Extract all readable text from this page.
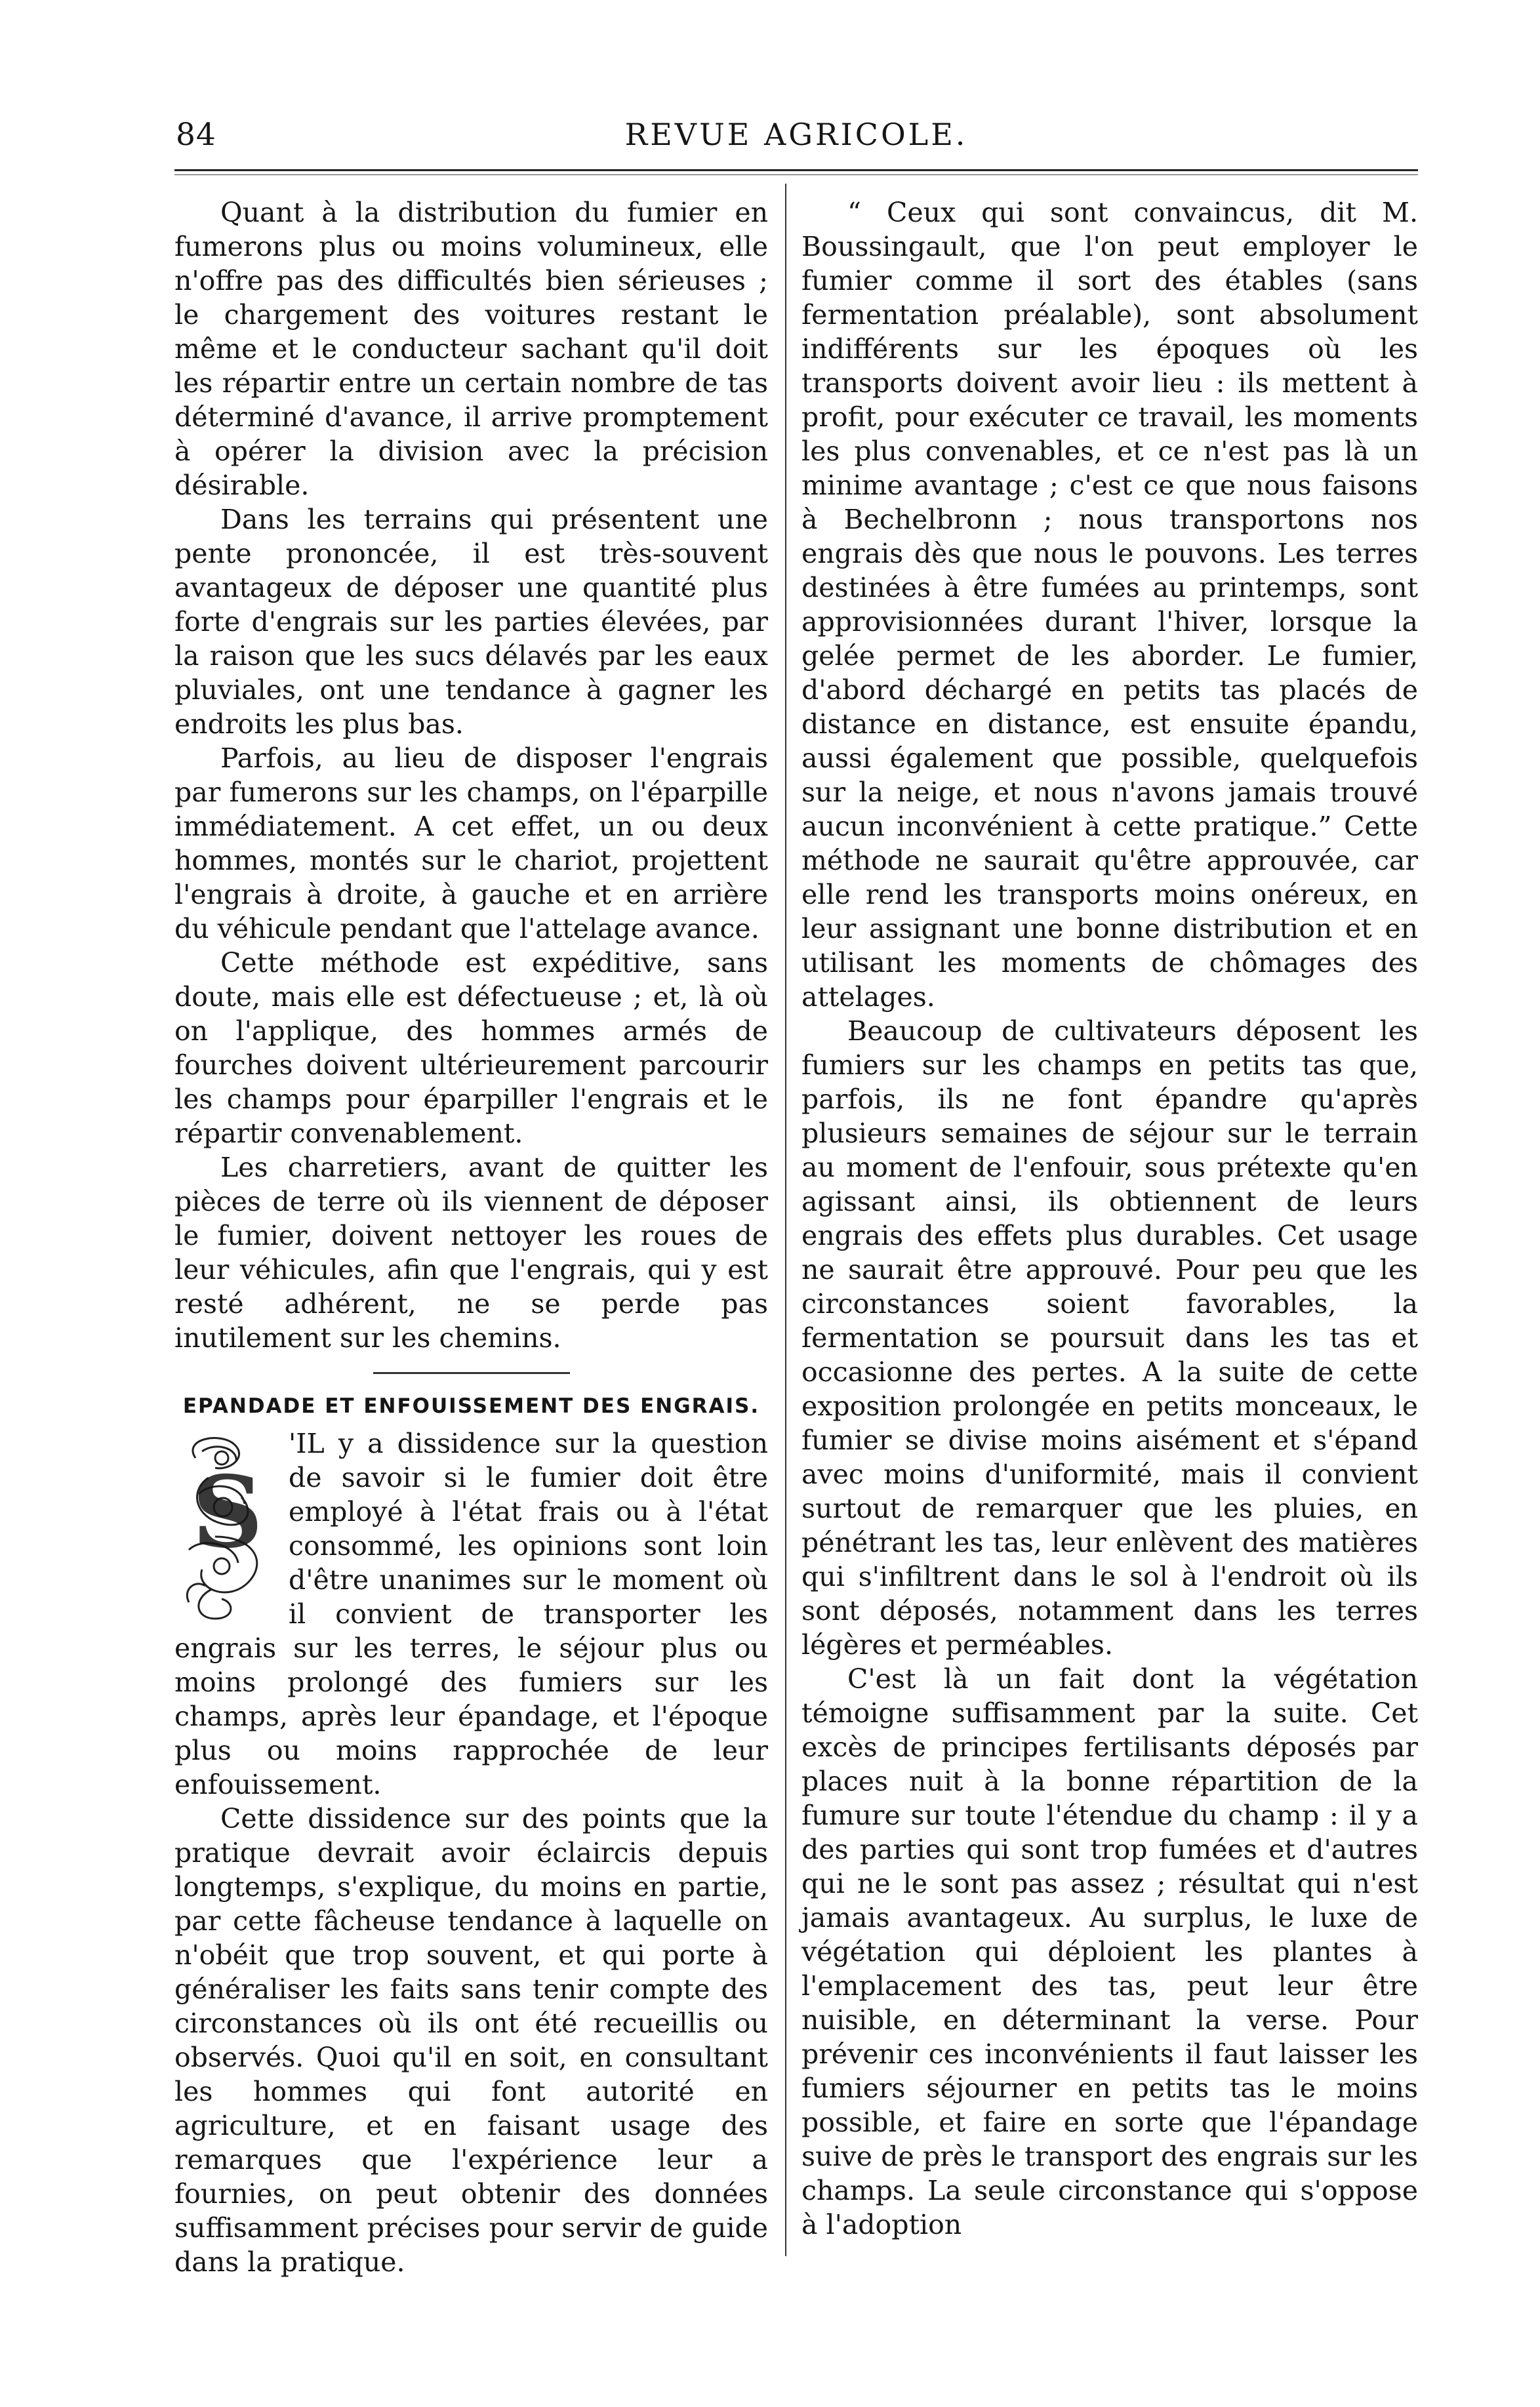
84	REVUE AGRICOLE.

Quant à la distribution du fumier en fumerons plus ou moins volumineux, elle n'offre pas des difficultés bien sérieuses ; le chargement des voitures restant le même et le conducteur sachant qu'il doit les répartir entre un certain nombre de tas déterminé d'avance, il arrive promptement à opérer la division avec la précision désirable.

Dans les terrains qui présentent une pente prononcée, il est très-souvent avantageux de déposer une quantité plus forte d'engrais sur les parties élevées, par la raison que les sucs délavés par les eaux pluviales, ont une tendance à gagner les endroits les plus bas.

Parfois, au lieu de disposer l'engrais par fumerons sur les champs, on l'éparpille immédiatement. A cet effet, un ou deux hommes, montés sur le chariot, projettent l'engrais à droite, à gauche et en arrière du véhicule pendant que l'attelage avance.

Cette méthode est expéditive, sans doute, mais elle est défectueuse ; et, là où on l'applique, des hommes armés de fourches doivent ultérieurement parcourir les champs pour éparpiller l'engrais et le répartir convenablement.

Les charretiers, avant de quitter les pièces de terre où ils viennent de déposer le fumier, doivent nettoyer les roues de leur véhicules, afin que l'engrais, qui y est resté adhérent, ne se perde pas inutilement sur les chemins.

EPANDADE ET ENFOUISSEMENT DES ENGRAIS.

S
'IL y a dissidence sur la question de savoir si le fumier doit être employé à l'état frais ou à l'état consommé, les opinions sont loin d'être unanimes sur le moment où il convient de transporter les engrais sur les terres, le séjour plus ou moins prolongé des fumiers sur les champs, après leur épandage, et l'époque plus ou moins rapprochée de leur enfouissement.

Cette dissidence sur des points que la pratique devrait avoir éclaircis depuis longtemps, s'explique, du moins en partie, par cette fâcheuse tendance à laquelle on n'obéit que trop souvent, et qui porte à généraliser les faits sans tenir compte des circonstances où ils ont été recueillis ou observés. Quoi qu'il en soit, en consultant les hommes qui font autorité en agriculture, et en faisant usage des remarques que l'expérience leur a fournies, on peut obtenir des données suffisamment précises pour servir de guide dans la pratique.

“ Ceux qui sont convaincus, dit M. Boussingault, que l'on peut employer le fumier comme il sort des étables (sans fermentation préalable), sont absolument indifférents sur les époques où les transports doivent avoir lieu : ils mettent à profit, pour exécuter ce travail, les moments les plus convenables, et ce n'est pas là un minime avantage ; c'est ce que nous faisons à Bechelbronn ; nous transportons nos engrais dès que nous le pouvons. Les terres destinées à être fumées au printemps, sont approvisionnées durant l'hiver, lorsque la gelée permet de les aborder. Le fumier, d'abord déchargé en petits tas placés de distance en distance, est ensuite épandu, aussi également que possible, quelquefois sur la neige, et nous n'avons jamais trouvé aucun inconvénient à cette pratique.” Cette méthode ne saurait qu'être approuvée, car elle rend les transports moins onéreux, en leur assignant une bonne distribution et en utilisant les moments de chômages des attelages.

Beaucoup de cultivateurs déposent les fumiers sur les champs en petits tas que, parfois, ils ne font épandre qu'après plusieurs semaines de séjour sur le terrain au moment de l'enfouir, sous prétexte qu'en agissant ainsi, ils obtiennent de leurs engrais des effets plus durables. Cet usage ne saurait être approuvé. Pour peu que les circonstances soient favorables, la fermentation se poursuit dans les tas et occasionne des pertes. A la suite de cette exposition prolongée en petits monceaux, le fumier se divise moins aisément et s'épand avec moins d'uniformité, mais il convient surtout de remarquer que les pluies, en pénétrant les tas, leur enlèvent des matières qui s'infiltrent dans le sol à l'endroit où ils sont déposés, notamment dans les terres légères et perméables.

C'est là un fait dont la végétation témoigne suffisamment par la suite. Cet excès de principes fertilisants déposés par places nuit à la bonne répartition de la fumure sur toute l'étendue du champ : il y a des parties qui sont trop fumées et d'autres qui ne le sont pas assez ; résultat qui n'est jamais avantageux. Au surplus, le luxe de végétation qui déploient les plantes à l'emplacement des tas, peut leur être nuisible, en déterminant la verse. Pour prévenir ces inconvénients il faut laisser les fumiers séjourner en petits tas le moins possible, et faire en sorte que l'épandage suive de près le transport des engrais sur les champs. La seule circonstance qui s'oppose à l'adoption
